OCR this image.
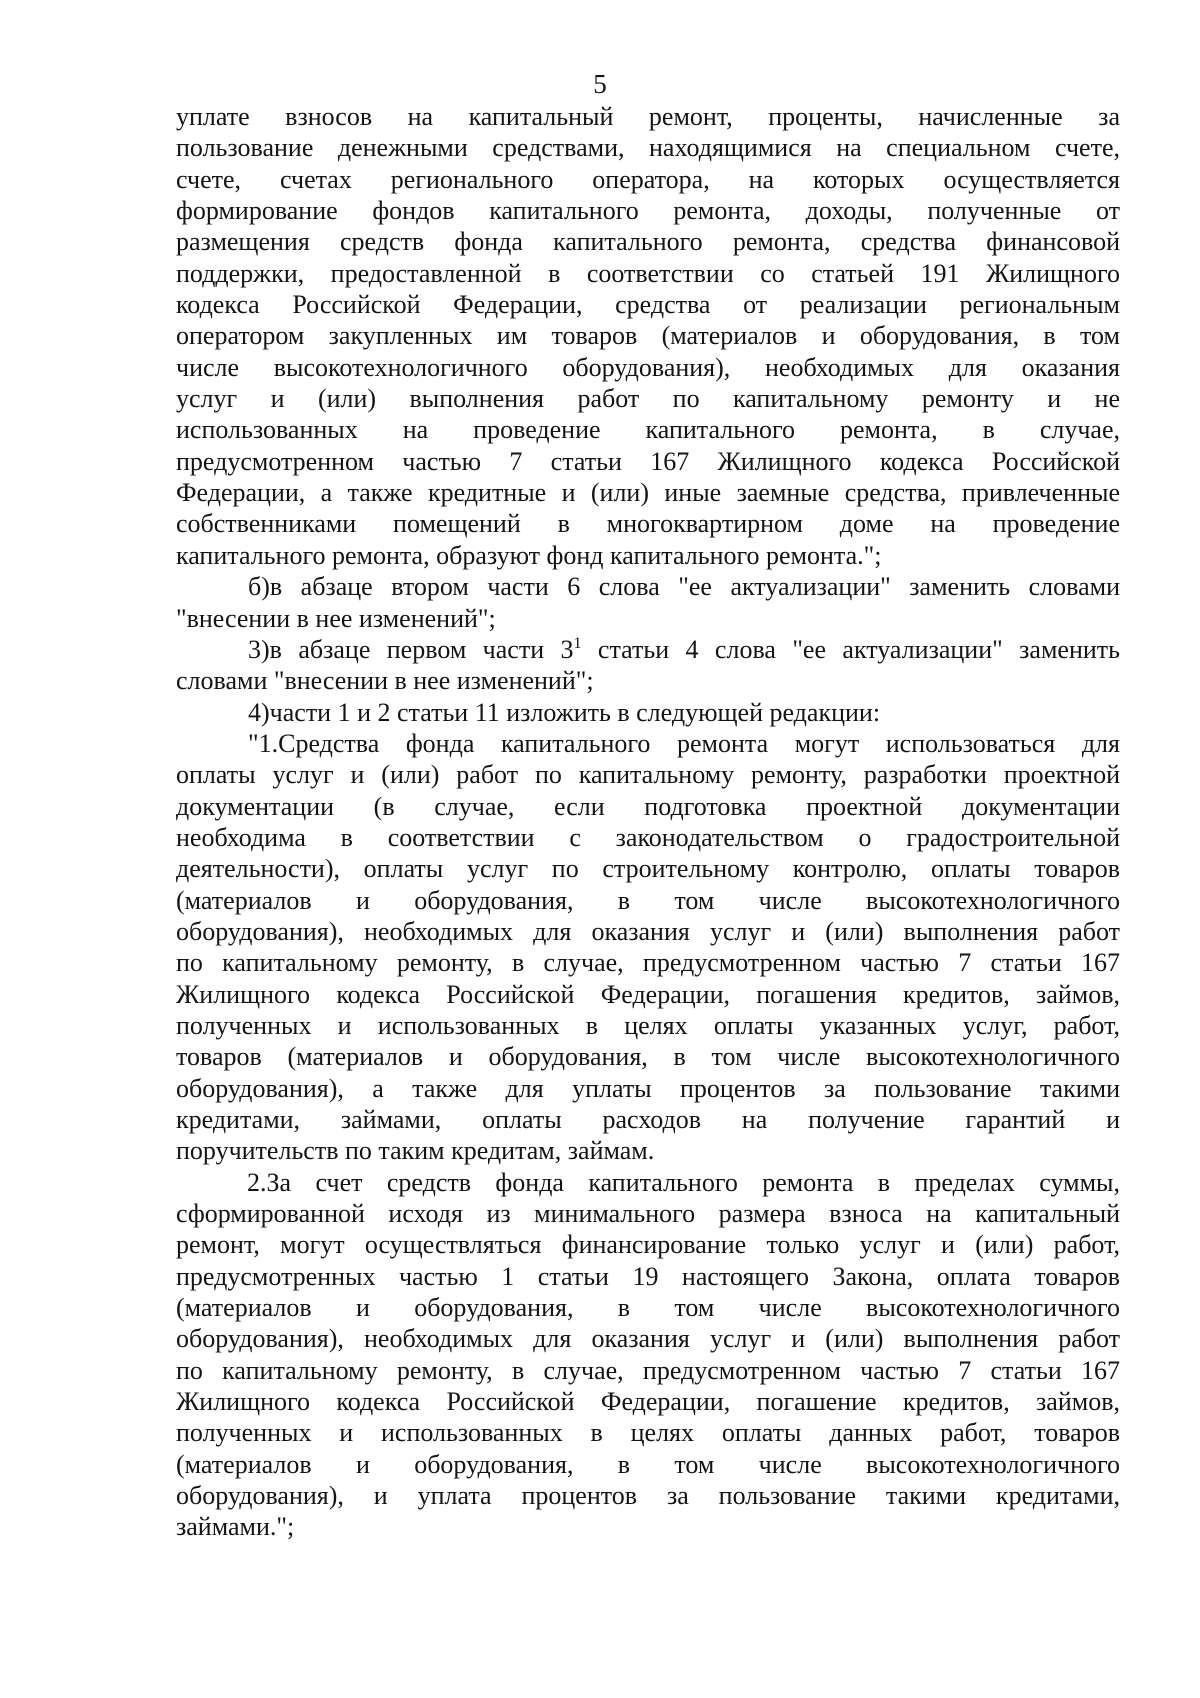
5
уплате взносов на капитальный ремонт, проценты, начисленные за
пользование денежными средствами, находящимися на специальном счете,
счете, счетах регионального оператора, на которых осуществляется
формирование фондов капитального ремонта, доходы, полученные от
размещения средств фонда капитального ремонта, средства финансовой
поддержки, предоставленной в соответствии со статьей 191 Жилищного
кодекса Российской Федерации, средства от реализации региональным
оператором закупленных им товаров (материалов и оборудования, в том
числе высокотехнологичного оборудования), необходимых для оказания
услуг и (или) выполнения работ по капитальному ремонту и не
использованных на проведение капитального ремонта, в случае,
предусмотренном частью 7 статьи 167 Жилищного кодекса Российской
Федерации, а также кредитные и (или) иные заемные средства, привлеченные
собственниками помещений в многоквартирном доме на проведение
капитального ремонта, образуют фонд капитального ремонта.";
б)в абзаце втором части 6 слова "ее актуализации" заменить словами
"внесении в нее изменений";
3)в абзаце первом части $3^1$ статьи 4 слова "ее актуализации" заменить
словами "внесении в нее изменений";
4)части 1 и 2 статьи 11 изложить в следующей редакции:
"1.Средства фонда капитального ремонта могут использоваться для
оплаты услуг и (или) работ по капитальному ремонту, разработки проектной
документации (в случае, если подготовка проектной документации
необходима в соответствии с законодательством о градостроительной
деятельности), оплаты услуг по строительному контролю, оплаты товаров
(материалов и оборудования, в том числе высокотехнологичного
оборудования), необходимых для оказания услуг и (или) выполнения работ
по капитальному ремонту, в случае, предусмотренном частью 7 статьи 167
Жилищного кодекса Российской Федерации, погашения кредитов, займов,
полученных и использованных в целях оплаты указанных услуг, работ,
товаров (материалов и оборудования, в том числе высокотехнологичного
оборудования), а также для уплаты процентов за пользование такими
кредитами, займами, оплаты расходов на получение гарантий и
поручительств по таким кредитам, займам.
2.За счет средств фонда капитального ремонта в пределах суммы,
сформированной исходя из минимального размера взноса на капитальный
ремонт, могут осуществляться финансирование только услуг и (или) работ,
предусмотренных частью 1 статьи 19 настоящего Закона, оплата товаров
(материалов и оборудования, в том числе высокотехнологичного
оборудования), необходимых для оказания услуг и (или) выполнения работ
по капитальному ремонту, в случае, предусмотренном частью 7 статьи 167
Жилищного кодекса Российской Федерации, погашение кредитов, займов,
полученных и использованных в целях оплаты данных работ, товаров
(материалов и оборудования, в том числе высокотехнологичного
оборудования), и уплата процентов за пользование такими кредитами,
займами.";
